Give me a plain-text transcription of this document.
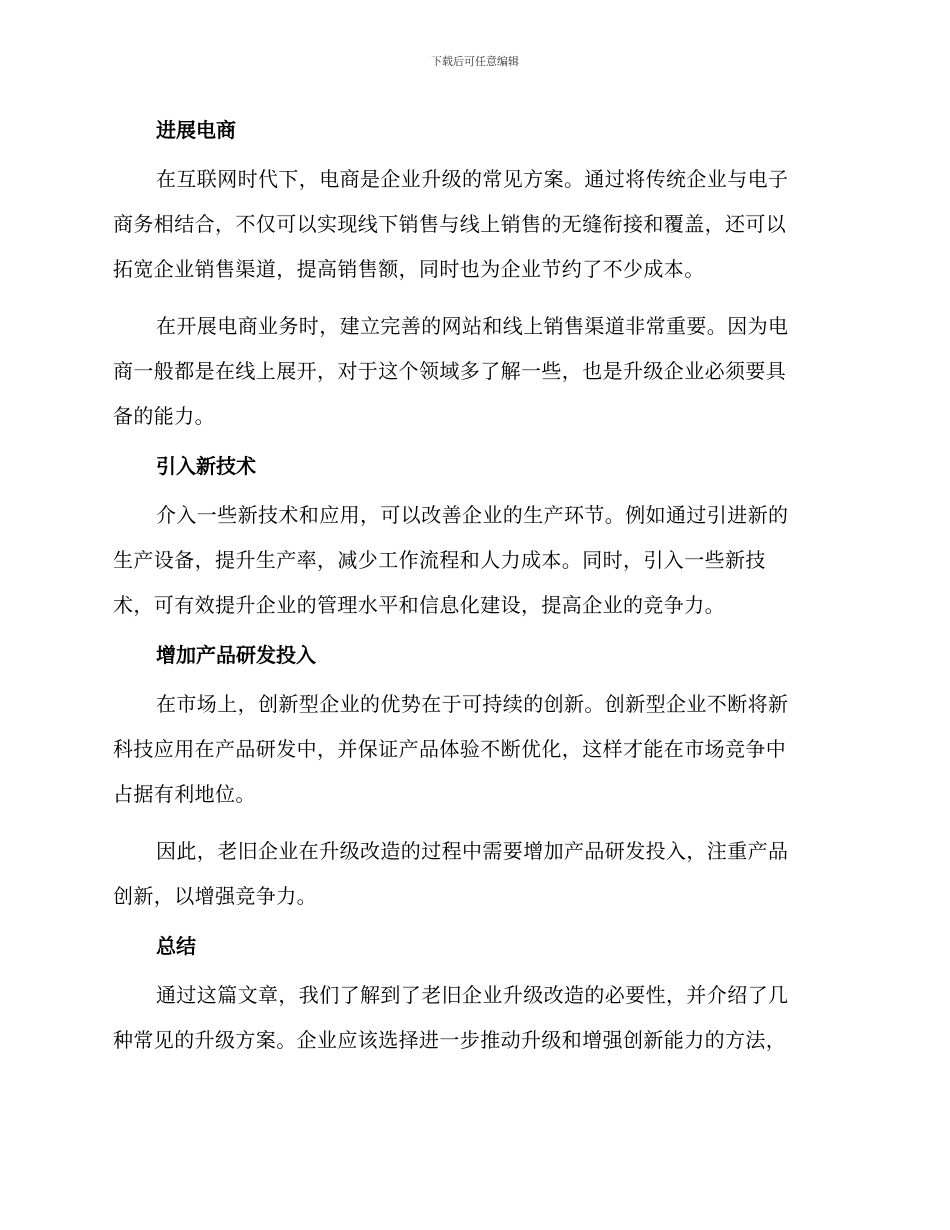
下载后可任意编辑
进展电商
在互联网时代下，电商是企业升级的常见方案。通过将传统企业与电子
商务相结合，不仅可以实现线下销售与线上销售的无缝衔接和覆盖，还可以
拓宽企业销售渠道，提高销售额，同时也为企业节约了不少成本。
在开展电商业务时，建立完善的网站和线上销售渠道非常重要。因为电
商一般都是在线上展开，对于这个领域多了解一些，也是升级企业必须要具
备的能力。
引入新技术
介入一些新技术和应用，可以改善企业的生产环节。例如通过引进新的
生产设备，提升生产率，减少工作流程和人力成本。同时，引入一些新技
术，可有效提升企业的管理水平和信息化建设，提高企业的竞争力。
增加产品研发投入
在市场上，创新型企业的优势在于可持续的创新。创新型企业不断将新
科技应用在产品研发中，并保证产品体验不断优化，这样才能在市场竞争中
占据有利地位。
因此，老旧企业在升级改造的过程中需要增加产品研发投入，注重产品
创新，以增强竞争力。
总结
通过这篇文章，我们了解到了老旧企业升级改造的必要性，并介绍了几
种常见的升级方案。企业应该选择进一步推动升级和增强创新能力的方法，
